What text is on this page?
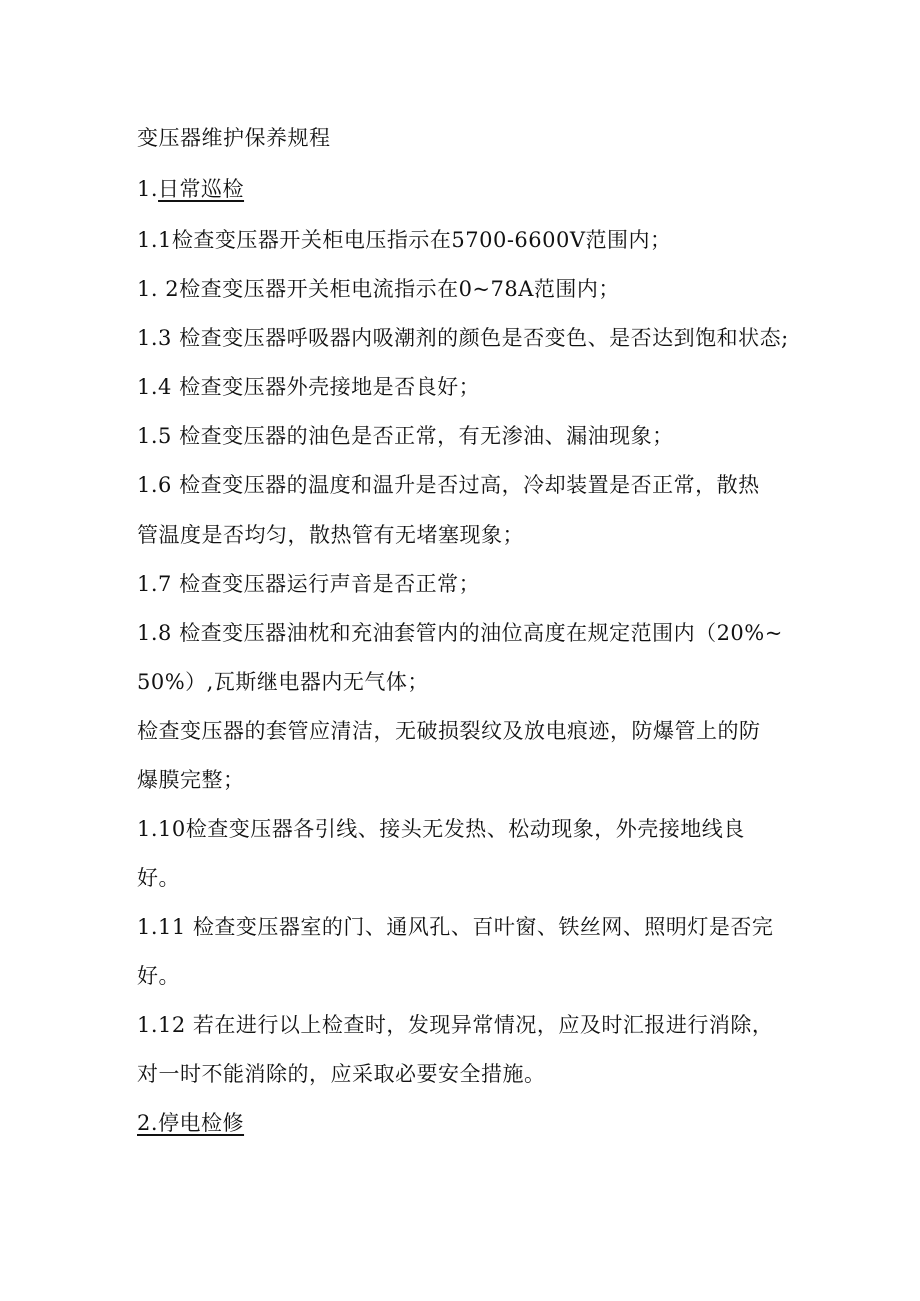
变压器维护保养规程
1.日常巡检
1.1检查变压器开关柜电压指示在5700-6600V范围内；
1. 2检查变压器开关柜电流指示在0~78A范围内；
1.3 检查变压器呼吸器内吸潮剂的颜色是否变色、是否达到饱和状态;
1.4 检查变压器外壳接地是否良好；
1.5 检查变压器的油色是否正常，有无渗油、漏油现象；
1.6 检查变压器的温度和温升是否过高，冷却装置是否正常，散热
管温度是否均匀，散热管有无堵塞现象；
1.7 检查变压器运行声音是否正常；
1.8 检查变压器油枕和充油套管内的油位高度在规定范围内（20%~
50%）,瓦斯继电器内无气体；
检查变压器的套管应清洁，无破损裂纹及放电痕迹，防爆管上的防
爆膜完整；
1.10检查变压器各引线、接头无发热、松动现象，外壳接地线良
好。
1.11 检查变压器室的门、通风孔、百叶窗、铁丝网、照明灯是否完
好。
1.12 若在进行以上检查时，发现异常情况，应及时汇报进行消除，
对一时不能消除的，应采取必要安全措施。
2.停电检修
